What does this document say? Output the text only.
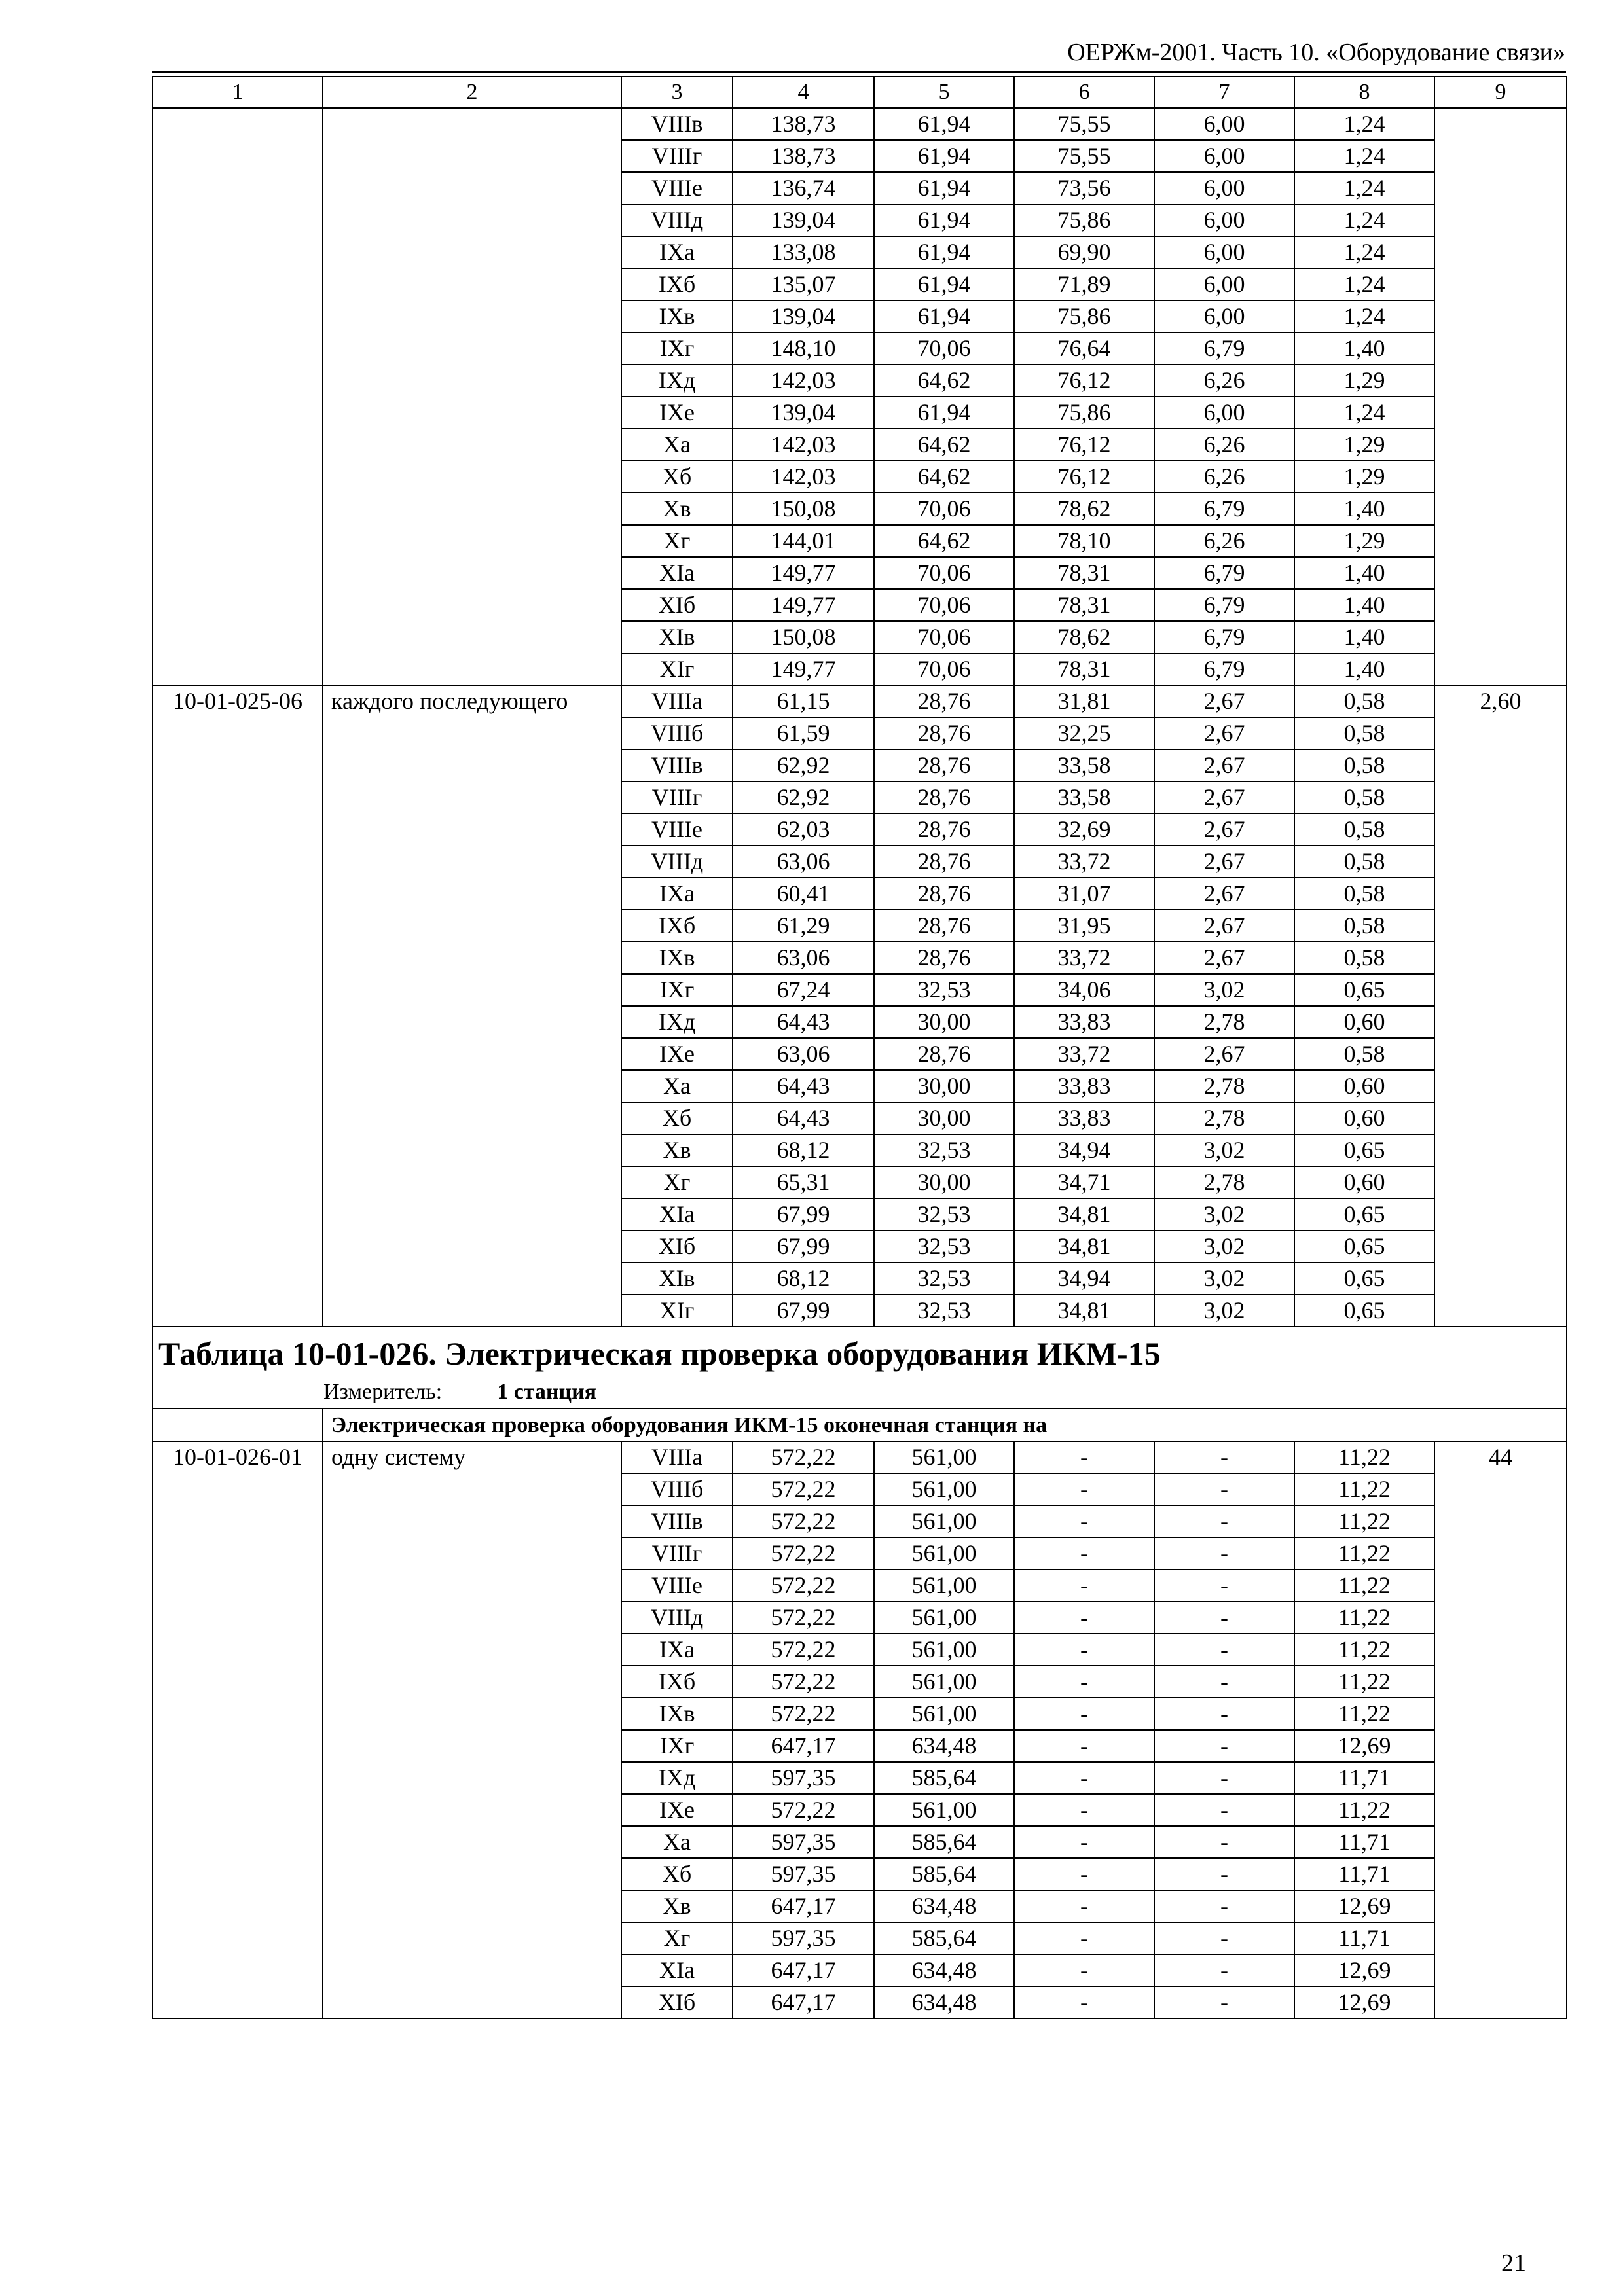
ОЕРЖм-2001. Часть 10. «Оборудование связи»
1	2	3	4	5	6	7	8	9
		VIIIв	138,73	61,94	75,55	6,00	1,24	
		VIIIг	138,73	61,94	75,55	6,00	1,24	
		VIIIе	136,74	61,94	73,56	6,00	1,24	
		VIIIд	139,04	61,94	75,86	6,00	1,24	
		IXа	133,08	61,94	69,90	6,00	1,24	
		IXб	135,07	61,94	71,89	6,00	1,24	
		IXв	139,04	61,94	75,86	6,00	1,24	
		IXг	148,10	70,06	76,64	6,79	1,40	
		IXд	142,03	64,62	76,12	6,26	1,29	
		IXе	139,04	61,94	75,86	6,00	1,24	
		Xа	142,03	64,62	76,12	6,26	1,29	
		Xб	142,03	64,62	76,12	6,26	1,29	
		Xв	150,08	70,06	78,62	6,79	1,40	
		Xг	144,01	64,62	78,10	6,26	1,29	
		XIа	149,77	70,06	78,31	6,79	1,40	
		XIб	149,77	70,06	78,31	6,79	1,40	
		XIв	150,08	70,06	78,62	6,79	1,40	
		XIг	149,77	70,06	78,31	6,79	1,40	
10-01-025-06	каждого последующего	VIIIа	61,15	28,76	31,81	2,67	0,58	2,60
		VIIIб	61,59	28,76	32,25	2,67	0,58	
		VIIIв	62,92	28,76	33,58	2,67	0,58	
		VIIIг	62,92	28,76	33,58	2,67	0,58	
		VIIIе	62,03	28,76	32,69	2,67	0,58	
		VIIIд	63,06	28,76	33,72	2,67	0,58	
		IXа	60,41	28,76	31,07	2,67	0,58	
		IXб	61,29	28,76	31,95	2,67	0,58	
		IXв	63,06	28,76	33,72	2,67	0,58	
		IXг	67,24	32,53	34,06	3,02	0,65	
		IXд	64,43	30,00	33,83	2,78	0,60	
		IXе	63,06	28,76	33,72	2,67	0,58	
		Xа	64,43	30,00	33,83	2,78	0,60	
		Xб	64,43	30,00	33,83	2,78	0,60	
		Xв	68,12	32,53	34,94	3,02	0,65	
		Xг	65,31	30,00	34,71	2,78	0,60	
		XIа	67,99	32,53	34,81	3,02	0,65	
		XIб	67,99	32,53	34,81	3,02	0,65	
		XIв	68,12	32,53	34,94	3,02	0,65	
		XIг	67,99	32,53	34,81	3,02	0,65	

Таблица 10-01-026. Электрическая проверка оборудования ИКМ-15
Измеритель: 1 станция								

	Электрическая проверка оборудования ИКМ-15 оконечная станция на							
10-01-026-01	одну систему	VIIIа	572,22	561,00	-	-	11,22	44
		VIIIб	572,22	561,00	-	-	11,22	
		VIIIв	572,22	561,00	-	-	11,22	
		VIIIг	572,22	561,00	-	-	11,22	
		VIIIе	572,22	561,00	-	-	11,22	
		VIIIд	572,22	561,00	-	-	11,22	
		IXа	572,22	561,00	-	-	11,22	
		IXб	572,22	561,00	-	-	11,22	
		IXв	572,22	561,00	-	-	11,22	
		IXг	647,17	634,48	-	-	12,69	
		IXд	597,35	585,64	-	-	11,71	
		IXе	572,22	561,00	-	-	11,22	
		Xа	597,35	585,64	-	-	11,71	
		Xб	597,35	585,64	-	-	11,71	
		Xв	647,17	634,48	-	-	12,69	
		Xг	597,35	585,64	-	-	11,71	
		XIа	647,17	634,48	-	-	12,69	
		XIб	647,17	634,48	-	-	12,69	
21
